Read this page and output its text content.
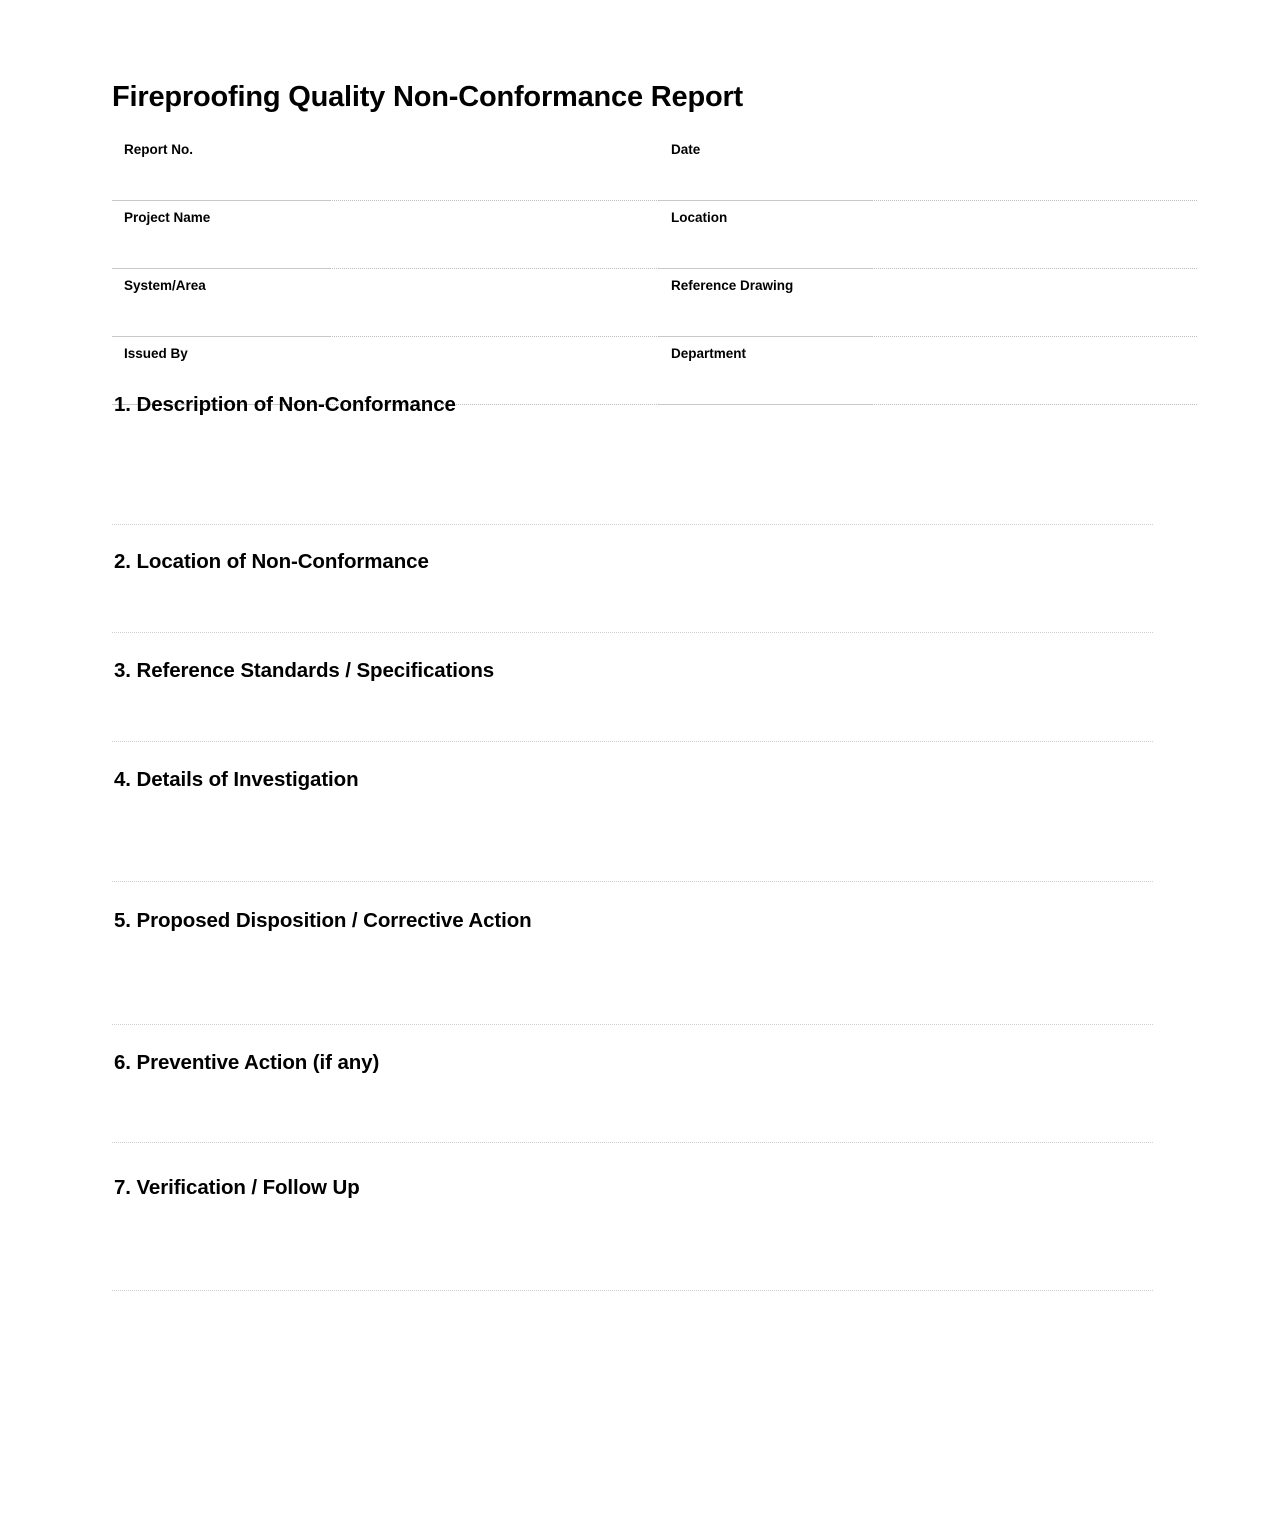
Fireproofing Quality Non-Conformance Report
Report No.		Date	
Project Name		Location	
System/Area		Reference Drawing	
Issued By		Department	
1. Description of Non-Conformance
2. Location of Non-Conformance
3. Reference Standards / Specifications
4. Details of Investigation
5. Proposed Disposition / Corrective Action
6. Preventive Action (if any)
7. Verification / Follow Up
